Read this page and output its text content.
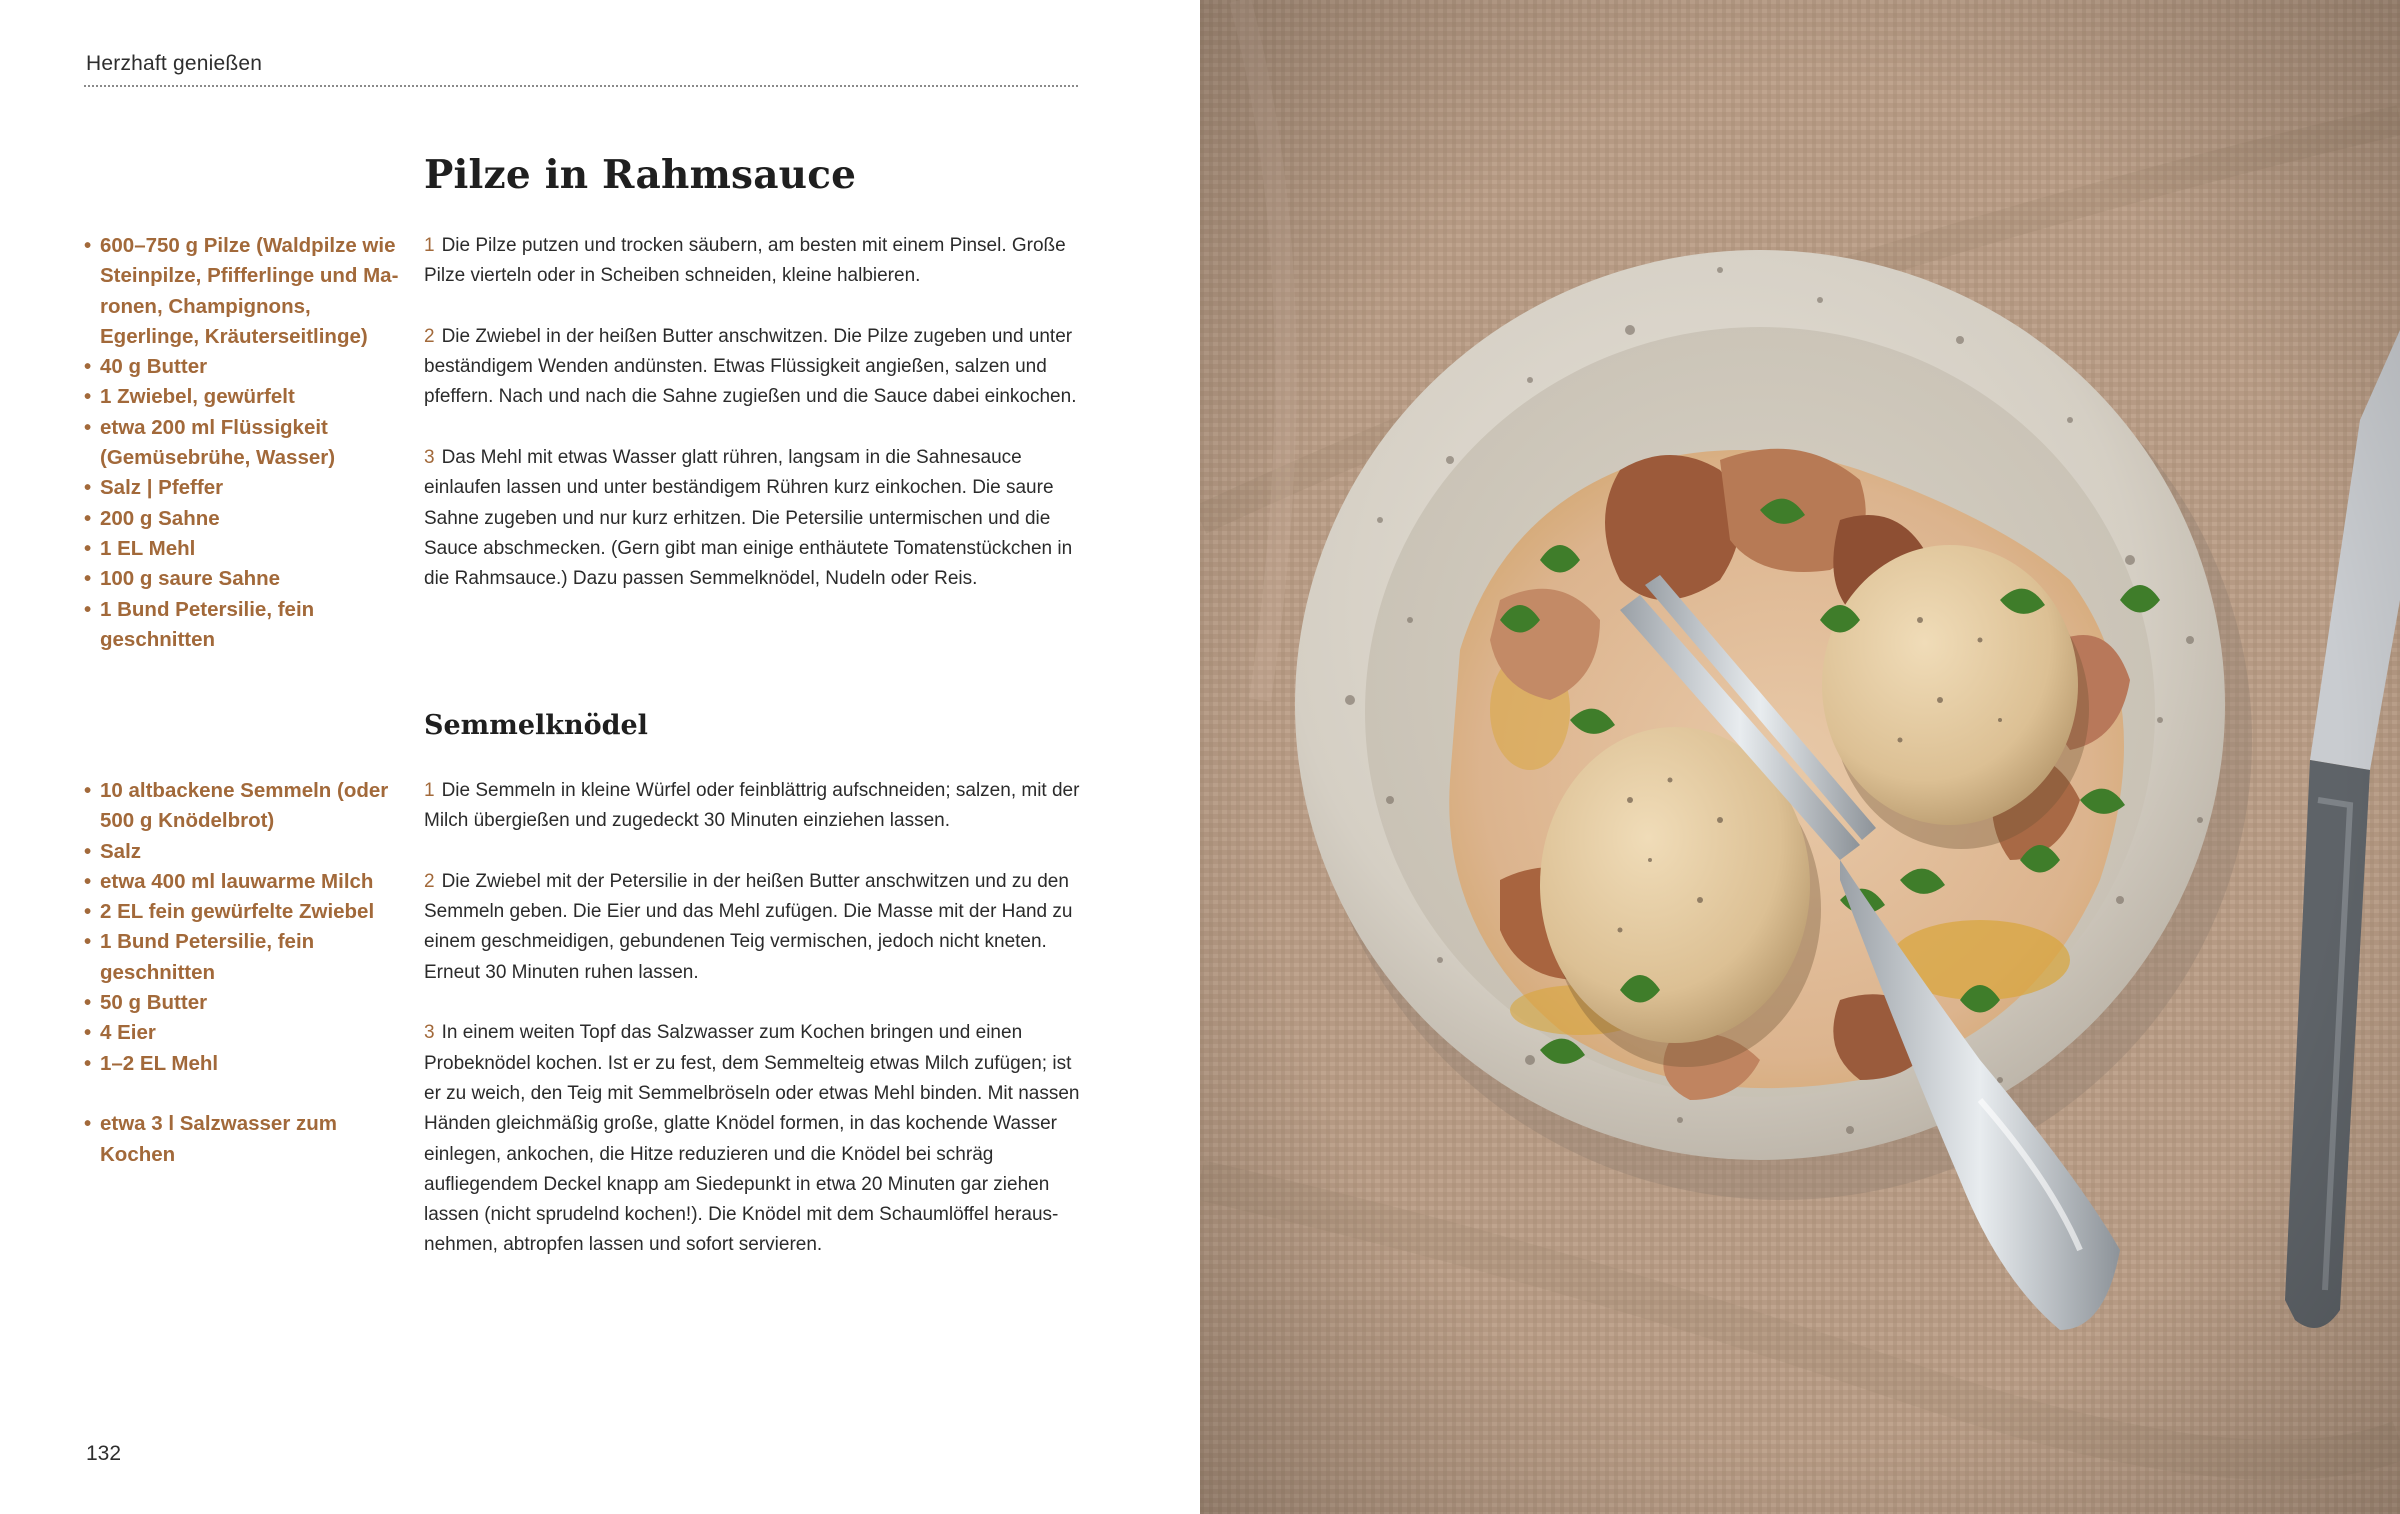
Herzhaft genießen
Pilze in Rahmsauce
• 600–750 g Pilze (Waldpilze wie Steinpilze, Pfifferlinge und Ma-ronen, Champignons, Egerlinge, Kräuterseitlinge)
• 40 g Butter
• 1 Zwiebel, gewürfelt
• etwa 200 ml Flüssigkeit (Gemüsebrühe, Wasser)
• Salz | Pfeffer
• 200 g Sahne
• 1 EL Mehl
• 100 g saure Sahne
• 1 Bund Petersilie, fein geschnitten
1 Die Pilze putzen und trocken säubern, am besten mit einem Pinsel. Große Pilze vierteln oder in Scheiben schneiden, kleine halbieren.
2 Die Zwiebel in der heißen Butter anschwitzen. Die Pilze zugeben und unter beständigem Wenden andünsten. Etwas Flüssigkeit angießen, salzen und pfeffern. Nach und nach die Sahne zugießen und die Sauce dabei einkochen.
3 Das Mehl mit etwas Wasser glatt rühren, langsam in die Sahnesauce einlaufen lassen und unter beständigem Rühren kurz einkochen. Die saure Sahne zugeben und nur kurz erhitzen. Die Petersilie untermischen und die Sauce abschmecken. (Gern gibt man einige enthäutete Tomatenstückchen in die Rahmsauce.) Dazu passen Semmelknödel, Nudeln oder Reis.
Semmelknödel
• 10 altbackene Semmeln (oder 500 g Knödelbrot)
• Salz
• etwa 400 ml lauwarme Milch
• 2 EL fein gewürfelte Zwiebel
• 1 Bund Petersilie, fein geschnitten
• 50 g Butter
• 4 Eier
• 1–2 EL Mehl
• etwa 3 l Salzwasser zum Kochen
1 Die Semmeln in kleine Würfel oder feinblättrig aufschneiden; salzen, mit der Milch übergießen und zugedeckt 30 Minuten einziehen lassen.
2 Die Zwiebel mit der Petersilie in der heißen Butter anschwitzen und zu den Semmeln geben. Die Eier und das Mehl zufügen. Die Masse mit der Hand zu einem geschmeidigen, gebundenen Teig vermischen, jedoch nicht kneten. Erneut 30 Minuten ruhen lassen.
3 In einem weiten Topf das Salzwasser zum Kochen bringen und einen Probeknödel kochen. Ist er zu fest, dem Semmelteig etwas Milch zufügen; ist er zu weich, den Teig mit Semmelbröseln oder etwas Mehl binden. Mit nassen Händen gleichmäßig große, glatte Knödel formen, in das kochende Wasser einlegen, ankochen, die Hitze reduzieren und die Knödel bei schräg aufliegendem Deckel knapp am Siedepunkt in etwa 20 Minuten gar ziehen lassen (nicht sprudelnd kochen!). Die Knödel mit dem Schaumlöffel heraus-nehmen, abtropfen lassen und sofort servieren.
132
